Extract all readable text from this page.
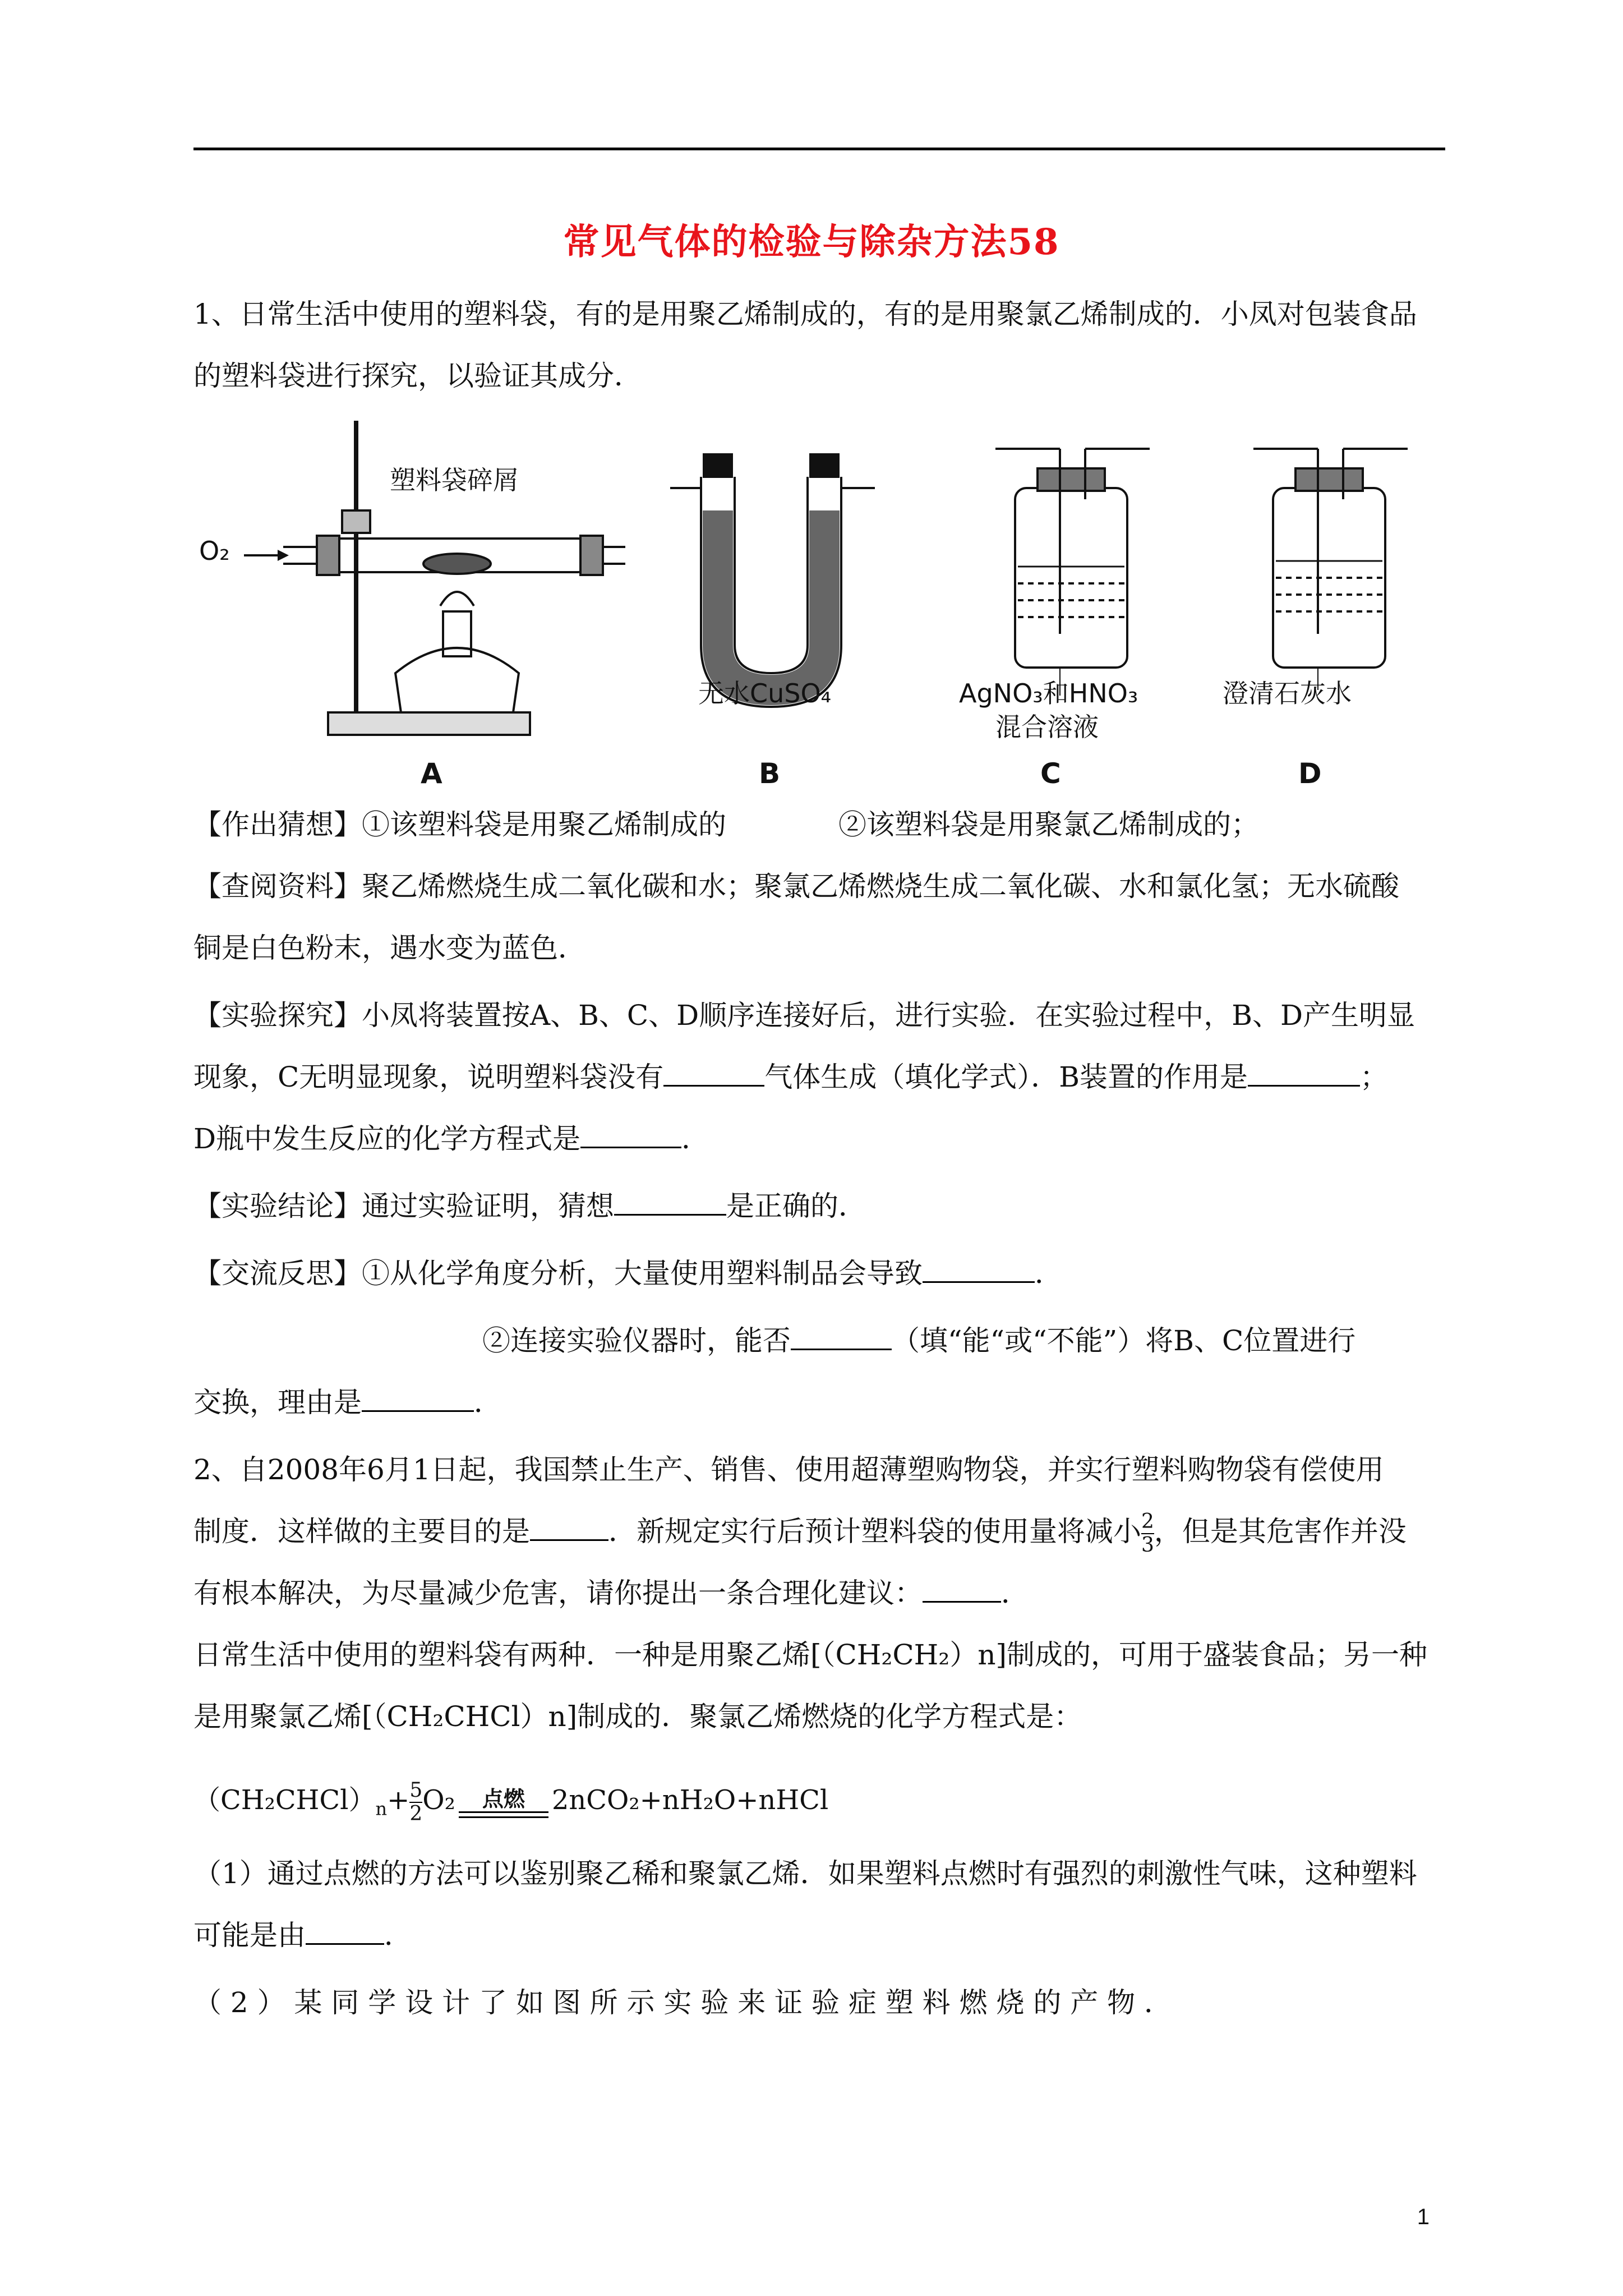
常见气体的检验与除杂方法58
1、日常生活中使用的塑料袋，有的是用聚乙烯制成的，有的是用聚氯乙烯制成的．小凤对包装食品
的塑料袋进行探究，以验证其成分．
O₂
塑料袋碎屑
无水CuSO₄	AgNO₃和HNO₃
混合溶液
澄清石灰水
A	B	C	D
【作出猜想】①该塑料袋是用聚乙烯制成的	②该塑料袋是用聚氯乙烯制成的；
【查阅资料】聚乙烯燃烧生成二氧化碳和水；聚氯乙烯燃烧生成二氧化碳、水和氯化氢；无水硫酸
铜是白色粉末，遇水变为蓝色．
【实验探究】小凤将装置按A、B、C、D顺序连接好后，进行实验．在实验过程中，B、D产生明显
现象，C无明显现象，说明塑料袋没有	气体生成（填化学式）．B装置的作用是	；
D瓶中发生反应的化学方程式是	．
【实验结论】通过实验证明，猜想	是正确的．
【交流反思】①从化学角度分析，大量使用塑料制品会导致	．
②连接实验仪器时，能否	（填“能“或“不能”）将B、C位置进行
交换，理由是	．
2、自2008年6月1日起，我国禁止生产、销售、使用超薄塑购物袋，并实行塑料购物袋有偿使用
制度．这样做的主要目的是	．新规定实行后预计塑料袋的使用量将减小 $\frac{2}{3}$ ，但是其危害作并没
有根本解决，为尽量减少危害，请你提出一条合理化建议：	．
日常生活中使用的塑料袋有两种．一种是用聚乙烯[（CH₂CH₂）n]制成的，可用于盛装食品；另一种
是用聚氯乙烯[（CH₂CHCl）n]制成的．聚氯乙烯燃烧的化学方程式是：
$(CH_2CHCl)_n+ \frac{5}{2} O_2$	点燃	2nCO₂+nH₂O+nHCl
（1）通过点燃的方法可以鉴别聚乙稀和聚氯乙烯．如果塑料点燃时有强烈的刺激性气味，这种塑料
可能是由	．
（ 2 ） 某 同 学 设 计 了 如 图 所 示 实 验 来 证 验 症 塑 料 燃 烧 的 产 物 ．
1
